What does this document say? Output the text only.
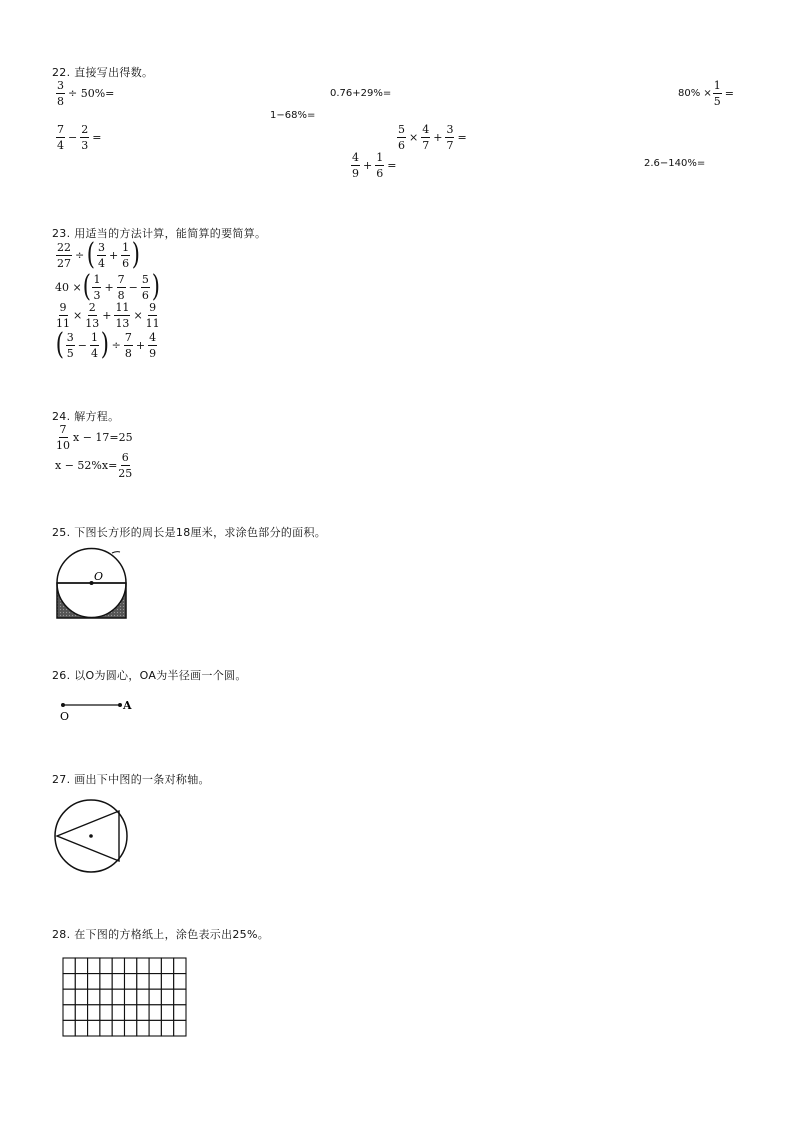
22. 直接写出得数。
$\frac{3}{8} \div 50\%=$	0.76+29%=	$80\% \times \frac{1}{5}$ =
1−68%=
$\frac{7}{4} - \frac{2}{3}$ =	$\frac{5}{6} \times \frac{4}{7} + \frac{3}{7}$ =
$\frac{4}{9} + \frac{1}{6}$ =	2.6−140%=
23. 用适当的方法计算，能简算的要简算。
$\frac{22}{27}$ ÷ ( $\frac{3}{4} + \frac{1}{6}$ )
40 × ( $\frac{1}{3} + \frac{7}{8} - \frac{5}{6}$ )
$\frac{9}{11} \times \frac{2}{13} + \frac{11}{13} \times \frac{9}{11}$
( $\frac{3}{5} - \frac{1}{4}$ ) ÷ $\frac{7}{8} + \frac{4}{9}$
24. 解方程。
$\frac{7}{10}$ x − 17=25
$x - 52\%x= \frac{6}{25}$
25. 下图长方形的周长是18厘米，求涂色部分的面积。
O
26. 以O为圆心，OA为半径画一个圆。
O
A
27. 画出下中图的一条对称轴。
28. 在下图的方格纸上，涂色表示出25%。
